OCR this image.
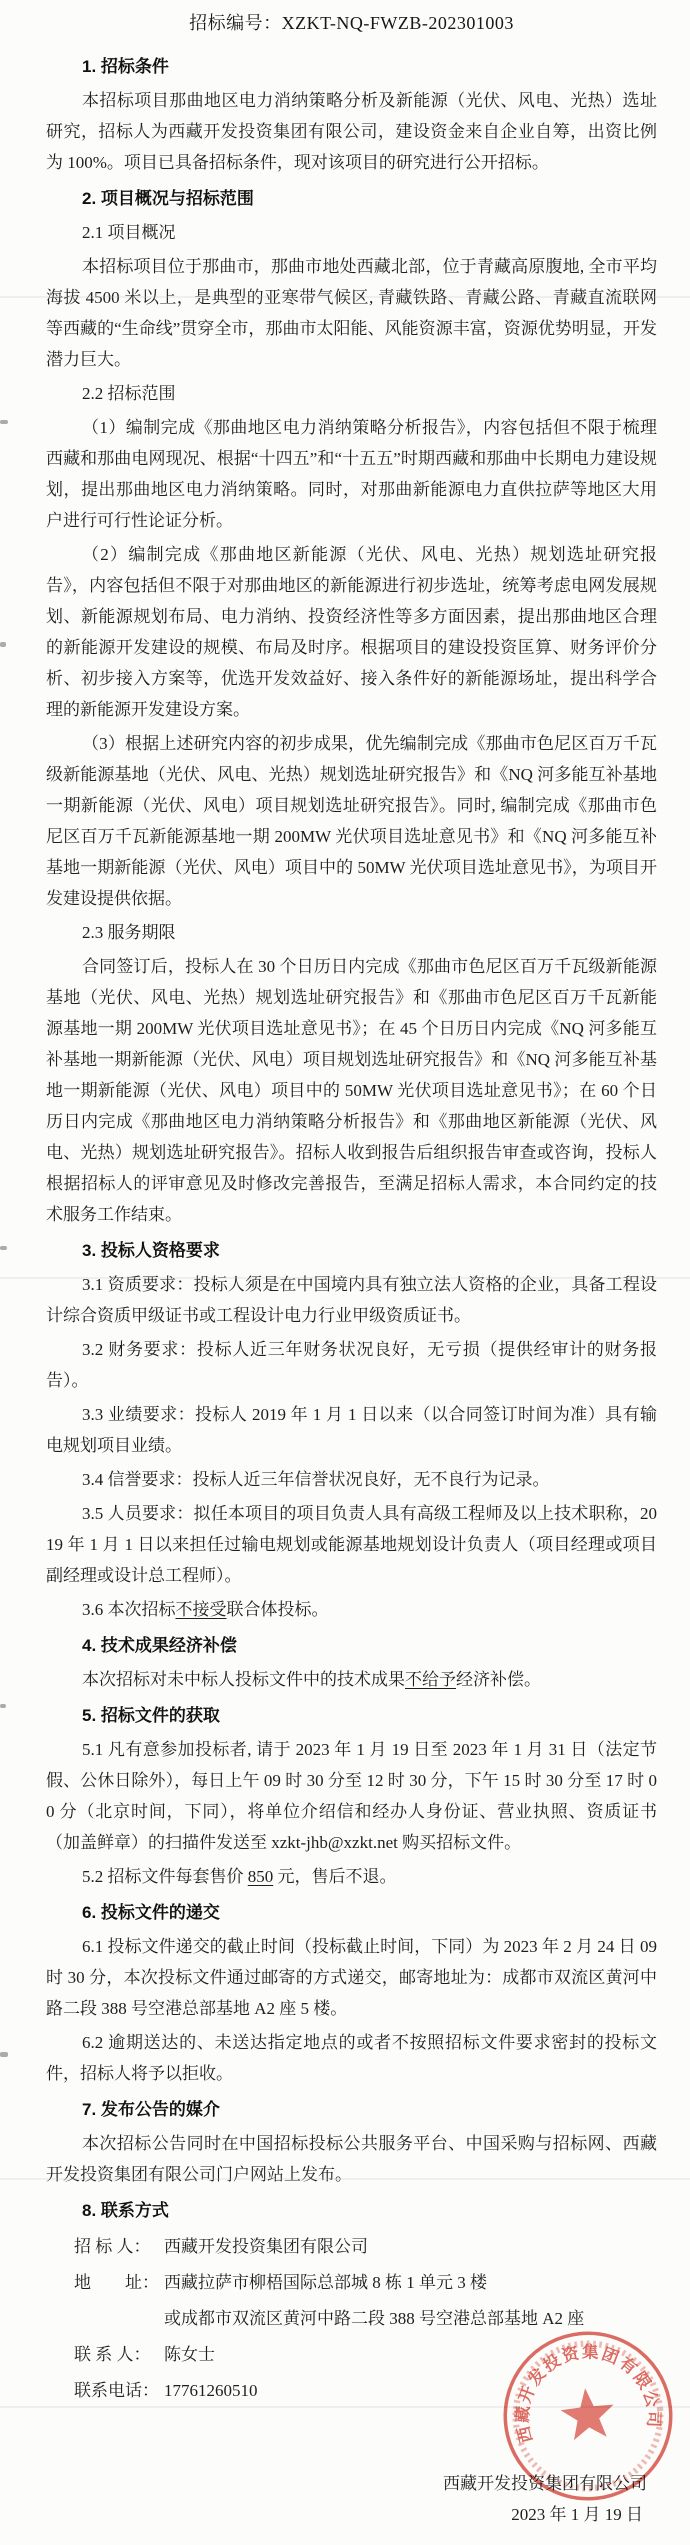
招标编号：XZKT-NQ-FWZB-202301003
1. 招标条件

本招标项目那曲地区电力消纳策略分析及新能源（光伏、风电、光热）选址研究，招标人为西藏开发投资集团有限公司，建设资金来自企业自筹，出资比例为 100%。项目已具备招标条件，现对该项目的研究进行公开招标。

2. 项目概况与招标范围
2.1 项目概况

本招标项目位于那曲市，那曲市地处西藏北部，位于青藏高原腹地, 全市平均海拔 4500 米以上，是典型的亚寒带气候区, 青藏铁路、青藏公路、青藏直流联网等西藏的“生命线”贯穿全市，那曲市太阳能、风能资源丰富，资源优势明显，开发潜力巨大。

2.2 招标范围

（1）编制完成《那曲地区电力消纳策略分析报告》，内容包括但不限于梳理西藏和那曲电网现况、根据“十四五”和“十五五”时期西藏和那曲中长期电力建设规划，提出那曲地区电力消纳策略。同时，对那曲新能源电力直供拉萨等地区大用户进行可行性论证分析。

（2）编制完成《那曲地区新能源（光伏、风电、光热）规划选址研究报告》，内容包括但不限于对那曲地区的新能源进行初步选址，统筹考虑电网发展规划、新能源规划布局、电力消纳、投资经济性等多方面因素，提出那曲地区合理的新能源开发建设的规模、布局及时序。根据项目的建设投资匡算、财务评价分析、初步接入方案等，优选开发效益好、接入条件好的新能源场址，提出科学合理的新能源开发建设方案。

（3）根据上述研究内容的初步成果，优先编制完成《那曲市色尼区百万千瓦级新能源基地（光伏、风电、光热）规划选址研究报告》和《NQ 河多能互补基地一期新能源（光伏、风电）项目规划选址研究报告》。同时, 编制完成《那曲市色尼区百万千瓦新能源基地一期 200MW 光伏项目选址意见书》和《NQ 河多能互补基地一期新能源（光伏、风电）项目中的 50MW 光伏项目选址意见书》，为项目开发建设提供依据。

2.3 服务期限

合同签订后，投标人在 30 个日历日内完成《那曲市色尼区百万千瓦级新能源基地（光伏、风电、光热）规划选址研究报告》和《那曲市色尼区百万千瓦新能源基地一期 200MW 光伏项目选址意见书》；在 45 个日历日内完成《NQ 河多能互补基地一期新能源（光伏、风电）项目规划选址研究报告》和《NQ 河多能互补基地一期新能源（光伏、风电）项目中的 50MW 光伏项目选址意见书》；在 60 个日历日内完成《那曲地区电力消纳策略分析报告》和《那曲地区新能源（光伏、风电、光热）规划选址研究报告》。招标人收到报告后组织报告审查或咨询，投标人根据招标人的评审意见及时修改完善报告，至满足招标人需求，本合同约定的技术服务工作结束。

3. 投标人资格要求

3.1 资质要求：投标人须是在中国境内具有独立法人资格的企业，具备工程设计综合资质甲级证书或工程设计电力行业甲级资质证书。

3.2 财务要求：投标人近三年财务状况良好，无亏损（提供经审计的财务报告）。

3.3 业绩要求：投标人 2019 年 1 月 1 日以来（以合同签订时间为准）具有输电规划项目业绩。

3.4 信誉要求：投标人近三年信誉状况良好，无不良行为记录。

3.5 人员要求：拟任本项目的项目负责人具有高级工程师及以上技术职称，2019 年 1 月 1 日以来担任过输电规划或能源基地规划设计负责人（项目经理或项目副经理或设计总工程师）。

3.6 本次招标不接受联合体投标。

4. 技术成果经济补偿

本次招标对未中标人投标文件中的技术成果不给予经济补偿。

5. 招标文件的获取

5.1 凡有意参加投标者, 请于 2023 年 1 月 19 日至 2023 年 1 月 31 日（法定节假、公休日除外），每日上午 09 时 30 分至 12 时 30 分，下午 15 时 30 分至 17 时 00 分（北京时间，下同），将单位介绍信和经办人身份证、营业执照、资质证书（加盖鲜章）的扫描件发送至 xzkt-jhb@xzkt.net 购买招标文件。

5.2 招标文件每套售价 850 元，售后不退。

6. 投标文件的递交

6.1 投标文件递交的截止时间（投标截止时间，下同）为 2023 年 2 月 24 日 09 时 30 分，本次投标文件通过邮寄的方式递交，邮寄地址为：成都市双流区黄河中路二段 388 号空港总部基地 A2 座 5 楼。

6.2 逾期送达的、未送达指定地点的或者不按照招标文件要求密封的投标文件，招标人将予以拒收。

7. 发布公告的媒介

本次招标公告同时在中国招标投标公共服务平台、中国采购与招标网、西藏开发投资集团有限公司门户网站上发布。

8. 联系方式
招 标 人： 西藏开发投资集团有限公司
地　　址： 西藏拉萨市柳梧国际总部城 8 栋 1 单元 3 楼
或成都市双流区黄河中路二段 388 号空港总部基地 A2 座
联 系 人： 陈女士
联系电话： 17761260510
西藏开发投资集团有限公司
2023 年 1 月 19 日
西藏开发投资集团有限公司
